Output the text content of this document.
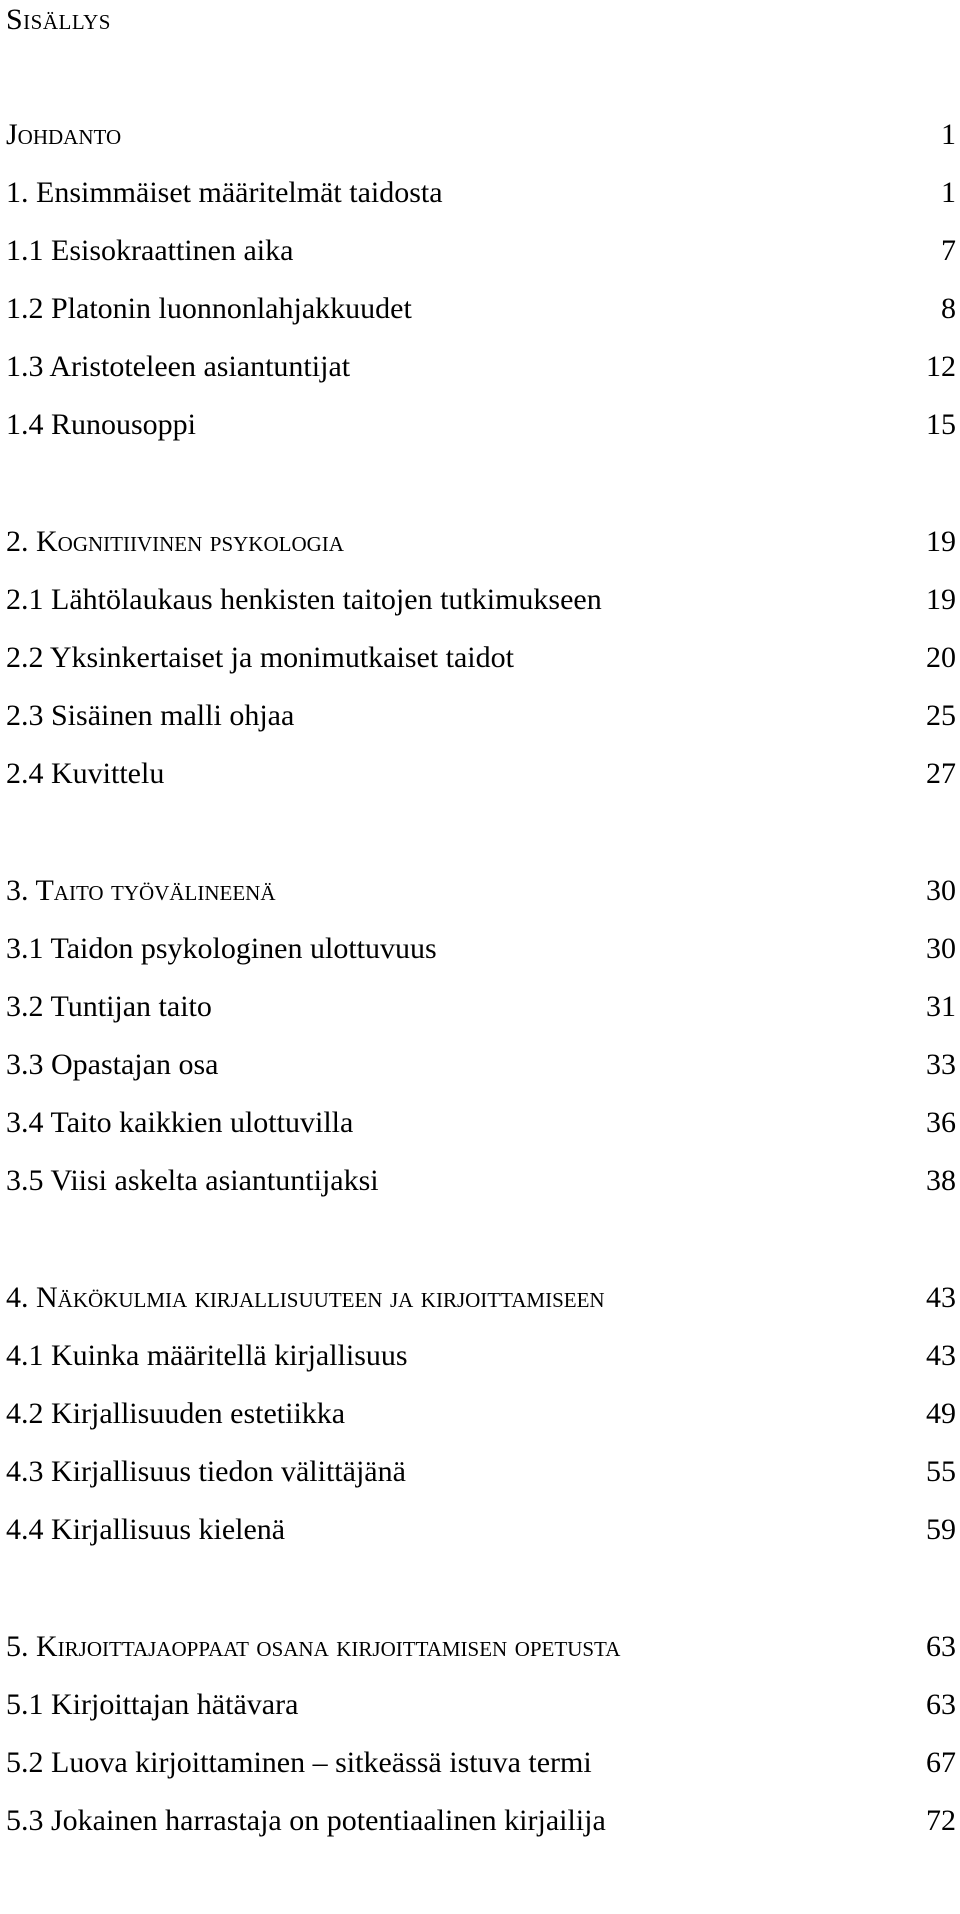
Sisällys
Johdanto	1
1. Ensimmäiset määritelmät taidosta	1
1.1 Esisokraattinen aika	7
1.2 Platonin luonnonlahjakkuudet	8
1.3 Aristoteleen asiantuntijat	12
1.4 Runousoppi	15
2. Kognitiivinen psykologia	19
2.1 Lähtölaukaus henkisten taitojen tutkimukseen	19
2.2 Yksinkertaiset ja monimutkaiset taidot	20
2.3 Sisäinen malli ohjaa	25
2.4 Kuvittelu	27
3. Taito työvälineenä	30
3.1 Taidon psykologinen ulottuvuus	30
3.2 Tuntijan taito	31
3.3 Opastajan osa	33
3.4 Taito kaikkien ulottuvilla	36
3.5 Viisi askelta asiantuntijaksi	38
4. Näkökulmia kirjallisuuteen ja kirjoittamiseen	43
4.1 Kuinka määritellä kirjallisuus	43
4.2 Kirjallisuuden estetiikka	49
4.3 Kirjallisuus tiedon välittäjänä	55
4.4 Kirjallisuus kielenä	59
5. Kirjoittajaoppaat osana kirjoittamisen opetusta	63
5.1 Kirjoittajan hätävara	63
5.2 Luova kirjoittaminen – sitkeässä istuva termi	67
5.3 Jokainen harrastaja on potentiaalinen kirjailija	72
